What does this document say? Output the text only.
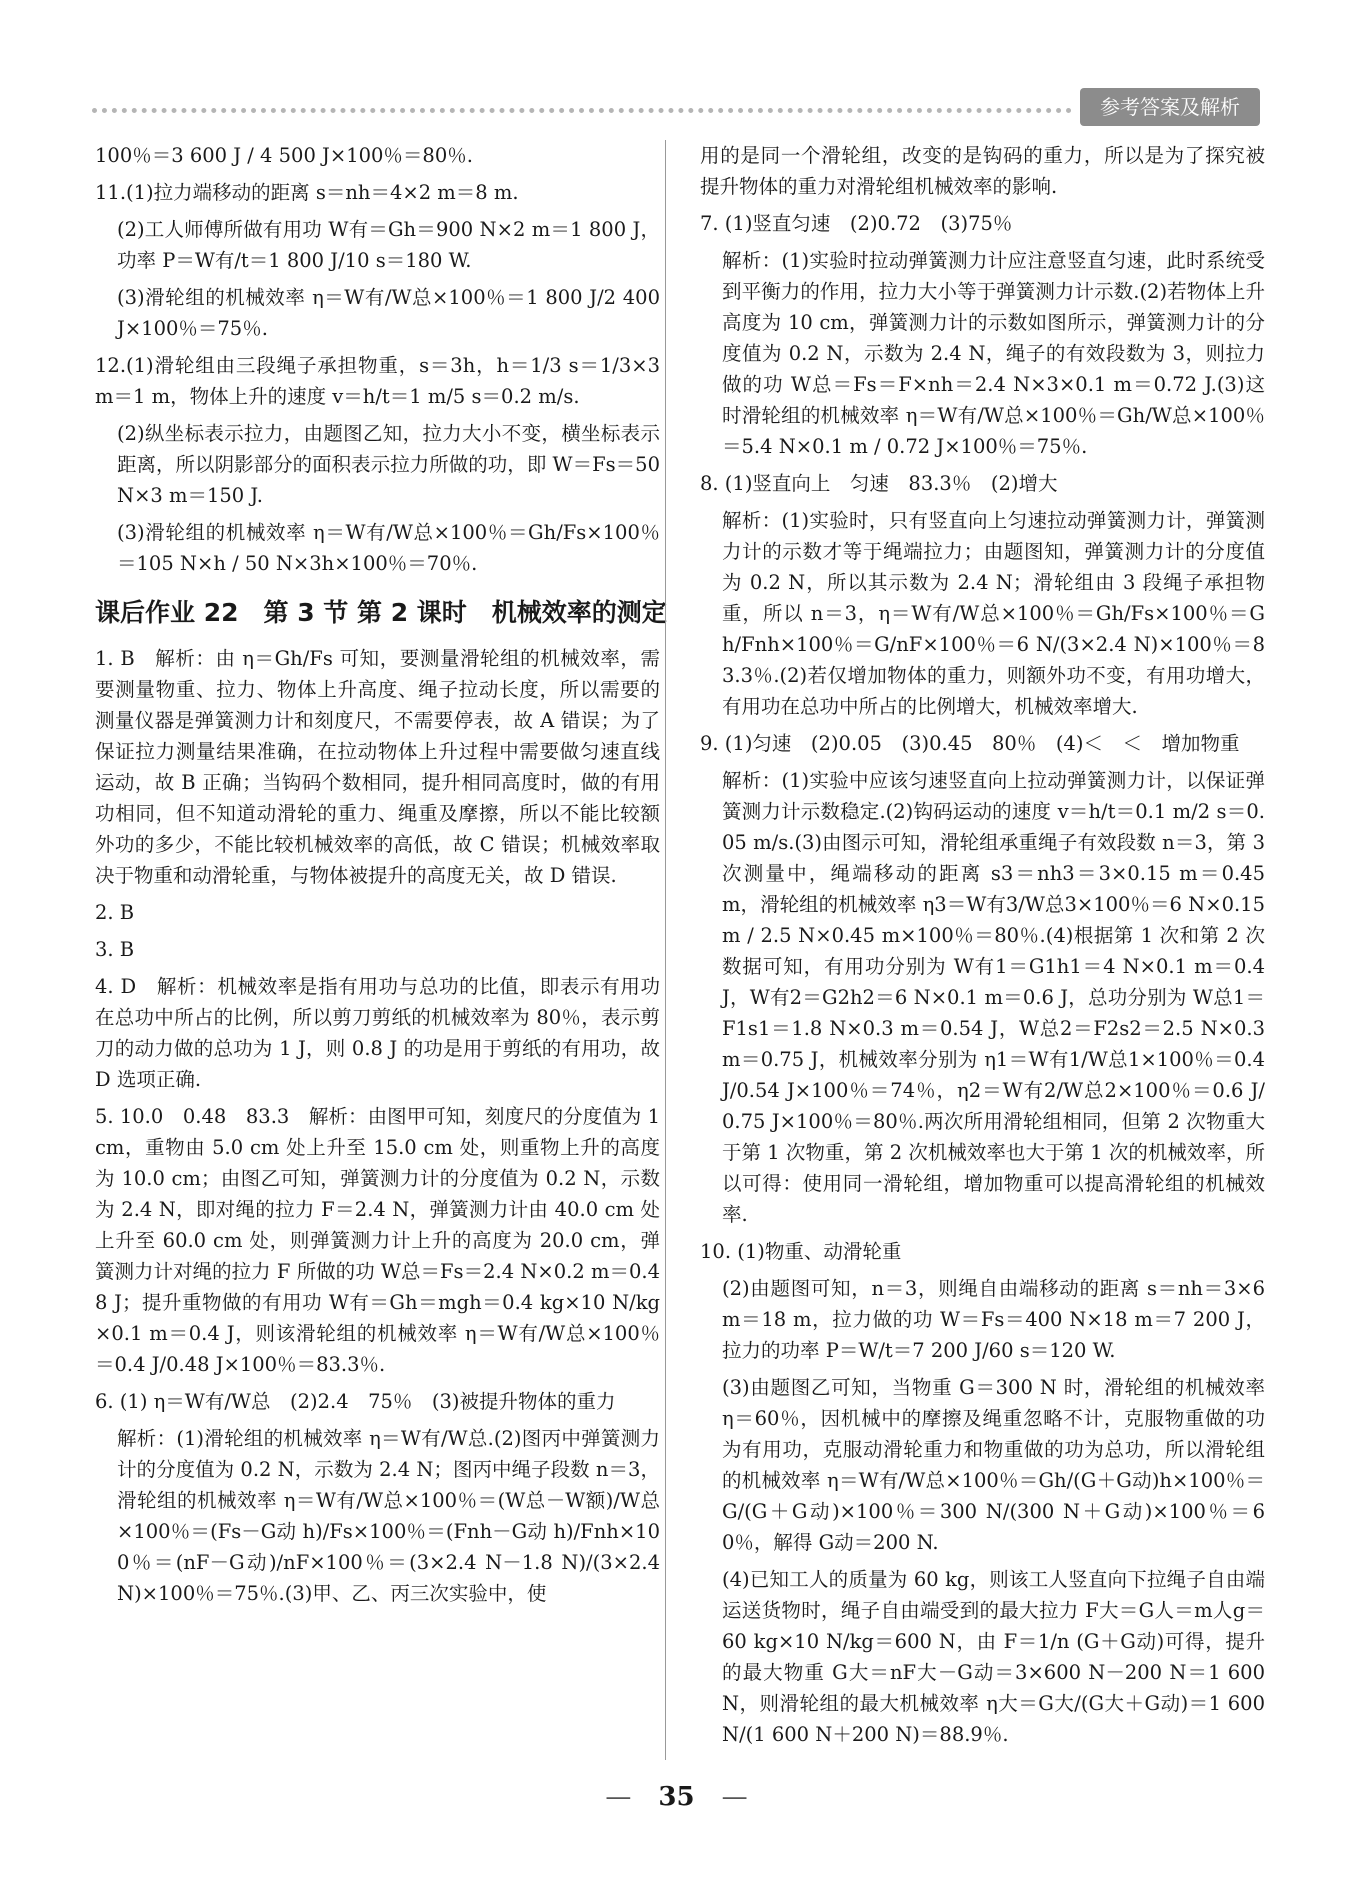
参考答案及解析

100％＝3 600 J / 4 500 J×100％＝80％.

11.(1)拉力端移动的距离 s＝nh＝4×2 m＝8 m.

(2)工人师傅所做有用功 W有＝Gh＝900 N×2 m＝1 800 J，功率 P＝W有/t＝1 800 J/10 s＝180 W.

(3)滑轮组的机械效率 η＝W有/W总×100％＝1 800 J/2 400 J×100％＝75％.

12.(1)滑轮组由三段绳子承担物重，s＝3h，h＝1/3 s＝1/3×3 m＝1 m，物体上升的速度 v＝h/t＝1 m/5 s＝0.2 m/s.

(2)纵坐标表示拉力，由题图乙知，拉力大小不变，横坐标表示距离，所以阴影部分的面积表示拉力所做的功，即 W＝Fs＝50 N×3 m＝150 J.

(3)滑轮组的机械效率 η＝W有/W总×100％＝Gh/Fs×100％＝105 N×h / 50 N×3h×100％＝70％.

课后作业 22　第 3 节 第 2 课时　机械效率的测定

1. B　解析：由 η＝Gh/Fs 可知，要测量滑轮组的机械效率，需要测量物重、拉力、物体上升高度、绳子拉动长度，所以需要的测量仪器是弹簧测力计和刻度尺，不需要停表，故 A 错误；为了保证拉力测量结果准确，在拉动物体上升过程中需要做匀速直线运动，故 B 正确；当钩码个数相同，提升相同高度时，做的有用功相同，但不知道动滑轮的重力、绳重及摩擦，所以不能比较额外功的多少，不能比较机械效率的高低，故 C 错误；机械效率取决于物重和动滑轮重，与物体被提升的高度无关，故 D 错误.

2. B

3. B

4. D　解析：机械效率是指有用功与总功的比值，即表示有用功在总功中所占的比例，所以剪刀剪纸的机械效率为 80％，表示剪刀的动力做的总功为 1 J，则 0.8 J 的功是用于剪纸的有用功，故 D 选项正确.

5. 10.0　0.48　83.3　解析：由图甲可知，刻度尺的分度值为 1 cm，重物由 5.0 cm 处上升至 15.0 cm 处，则重物上升的高度为 10.0 cm；由图乙可知，弹簧测力计的分度值为 0.2 N，示数为 2.4 N，即对绳的拉力 F＝2.4 N，弹簧测力计由 40.0 cm 处上升至 60.0 cm 处，则弹簧测力计上升的高度为 20.0 cm，弹簧测力计对绳的拉力 F 所做的功 W总＝Fs＝2.4 N×0.2 m＝0.48 J；提升重物做的有用功 W有＝Gh＝mgh＝0.4 kg×10 N/kg×0.1 m＝0.4 J，则该滑轮组的机械效率 η＝W有/W总×100％＝0.4 J/0.48 J×100％＝83.3％.

6. (1) η＝W有/W总　(2)2.4　75％　(3)被提升物体的重力

解析：(1)滑轮组的机械效率 η＝W有/W总.(2)图丙中弹簧测力计的分度值为 0.2 N，示数为 2.4 N；图丙中绳子段数 n＝3，滑轮组的机械效率 η＝W有/W总×100％＝(W总－W额)/W总×100％＝(Fs－G动 h)/Fs×100％＝(Fnh－G动 h)/Fnh×100％＝(nF－G动)/nF×100％＝(3×2.4 N－1.8 N)/(3×2.4 N)×100％＝75％.(3)甲、乙、丙三次实验中，使

用的是同一个滑轮组，改变的是钩码的重力，所以是为了探究被提升物体的重力对滑轮组机械效率的影响.

7. (1)竖直匀速　(2)0.72　(3)75％

解析：(1)实验时拉动弹簧测力计应注意竖直匀速，此时系统受到平衡力的作用，拉力大小等于弹簧测力计示数.(2)若物体上升高度为 10 cm，弹簧测力计的示数如图所示，弹簧测力计的分度值为 0.2 N，示数为 2.4 N，绳子的有效段数为 3，则拉力做的功 W总＝Fs＝F×nh＝2.4 N×3×0.1 m＝0.72 J.(3)这时滑轮组的机械效率 η＝W有/W总×100％＝Gh/W总×100％＝5.4 N×0.1 m / 0.72 J×100％＝75％.

8. (1)竖直向上　匀速　83.3％　(2)增大

解析：(1)实验时，只有竖直向上匀速拉动弹簧测力计，弹簧测力计的示数才等于绳端拉力；由题图知，弹簧测力计的分度值为 0.2 N，所以其示数为 2.4 N；滑轮组由 3 段绳子承担物重，所以 n＝3，η＝W有/W总×100％＝Gh/Fs×100％＝Gh/Fnh×100％＝G/nF×100％＝6 N/(3×2.4 N)×100％＝83.3％.(2)若仅增加物体的重力，则额外功不变，有用功增大，有用功在总功中所占的比例增大，机械效率增大.

9. (1)匀速　(2)0.05　(3)0.45　80％　(4)＜　＜　增加物重

解析：(1)实验中应该匀速竖直向上拉动弹簧测力计，以保证弹簧测力计示数稳定.(2)钩码运动的速度 v＝h/t＝0.1 m/2 s＝0.05 m/s.(3)由图示可知，滑轮组承重绳子有效段数 n＝3，第 3 次测量中，绳端移动的距离 s3＝nh3＝3×0.15 m＝0.45 m，滑轮组的机械效率 η3＝W有3/W总3×100％＝6 N×0.15 m / 2.5 N×0.45 m×100％＝80％.(4)根据第 1 次和第 2 次数据可知，有用功分别为 W有1＝G1h1＝4 N×0.1 m＝0.4 J，W有2＝G2h2＝6 N×0.1 m＝0.6 J，总功分别为 W总1＝F1s1＝1.8 N×0.3 m＝0.54 J，W总2＝F2s2＝2.5 N×0.3 m＝0.75 J，机械效率分别为 η1＝W有1/W总1×100％＝0.4 J/0.54 J×100％＝74％，η2＝W有2/W总2×100％＝0.6 J/0.75 J×100％＝80％.两次所用滑轮组相同，但第 2 次物重大于第 1 次物重，第 2 次机械效率也大于第 1 次的机械效率，所以可得：使用同一滑轮组，增加物重可以提高滑轮组的机械效率.

10. (1)物重、动滑轮重

(2)由题图可知，n＝3，则绳自由端移动的距离 s＝nh＝3×6 m＝18 m，拉力做的功 W＝Fs＝400 N×18 m＝7 200 J，拉力的功率 P＝W/t＝7 200 J/60 s＝120 W.

(3)由题图乙可知，当物重 G＝300 N 时，滑轮组的机械效率 η＝60％，因机械中的摩擦及绳重忽略不计，克服物重做的功为有用功，克服动滑轮重力和物重做的功为总功，所以滑轮组的机械效率 η＝W有/W总×100％＝Gh/(G＋G动)h×100％＝G/(G＋G动)×100％＝300 N/(300 N＋G动)×100％＝60％，解得 G动＝200 N.

(4)已知工人的质量为 60 kg，则该工人竖直向下拉绳子自由端运送货物时，绳子自由端受到的最大拉力 F大＝G人＝m人g＝60 kg×10 N/kg＝600 N，由 F＝1/n (G＋G动)可得，提升的最大物重 G大＝nF大－G动＝3×600 N－200 N＝1 600 N，则滑轮组的最大机械效率 η大＝G大/(G大＋G动)＝1 600 N/(1 600 N＋200 N)＝88.9％.

— 35 —
